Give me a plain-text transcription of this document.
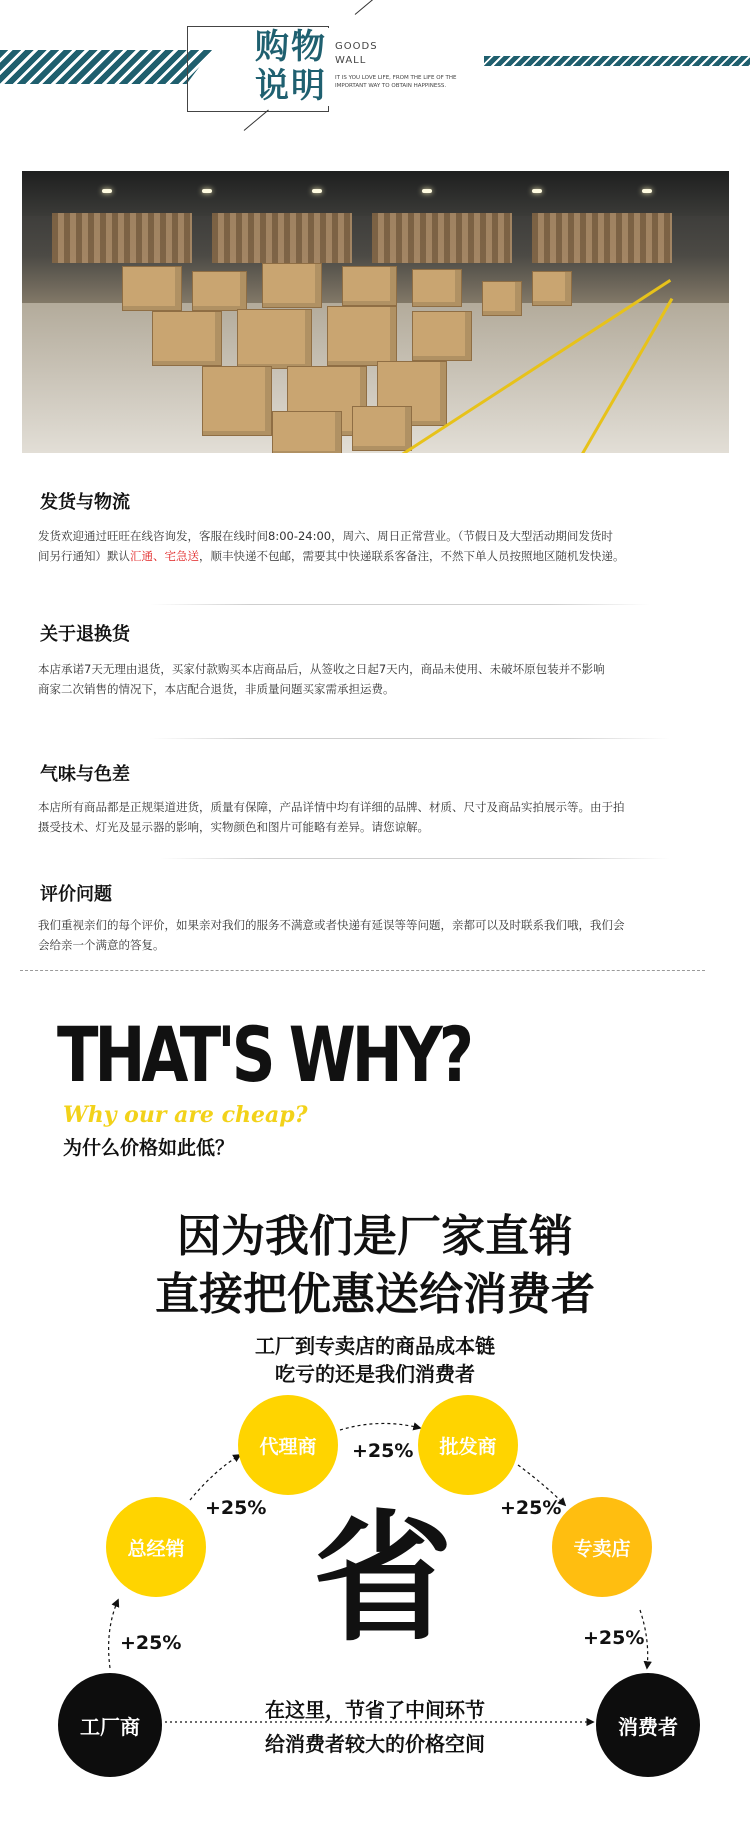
购物
说明
GOODS
WALL
IT IS YOU LOVE LIFE, FROM THE LIFE OF THE
IMPORTANT WAY TO OBTAIN HAPPINESS.
发货与物流
发货欢迎通过旺旺在线咨询发，客服在线时间8:00-24:00，周六、周日正常营业。（节假日及大型活动期间发货时
间另行通知）默认汇通、宅急送，顺丰快递不包邮，需要其中快递联系客备注，不然下单人员按照地区随机发快递。
关于退换货
本店承诺7天无理由退货，买家付款购买本店商品后，从签收之日起7天内，商品未使用、未破坏原包装并不影响
商家二次销售的情况下，本店配合退货，非质量问题买家需承担运费。
气味与色差
本店所有商品都是正规渠道进货，质量有保障，产品详情中均有详细的品牌、材质、尺寸及商品实拍展示等。由于拍
摄受技术、灯光及显示器的影响，实物颜色和图片可能略有差异。请您谅解。
评价问题
我们重视亲们的每个评价，如果亲对我们的服务不满意或者快递有延误等等问题，亲都可以及时联系我们哦，我们会
会给亲一个满意的答复。
THAT'S WHY?
Why our are cheap?
为什么价格如此低？
因为我们是厂家直销
直接把优惠送给消费者
工厂到专卖店的商品成本链
吃亏的还是我们消费者
总经销
代理商	批发商
专卖店
工厂商	消费者
+25%
+25%
+25%
+25%
+25%
省
在这里，节省了中间环节
给消费者较大的价格空间
